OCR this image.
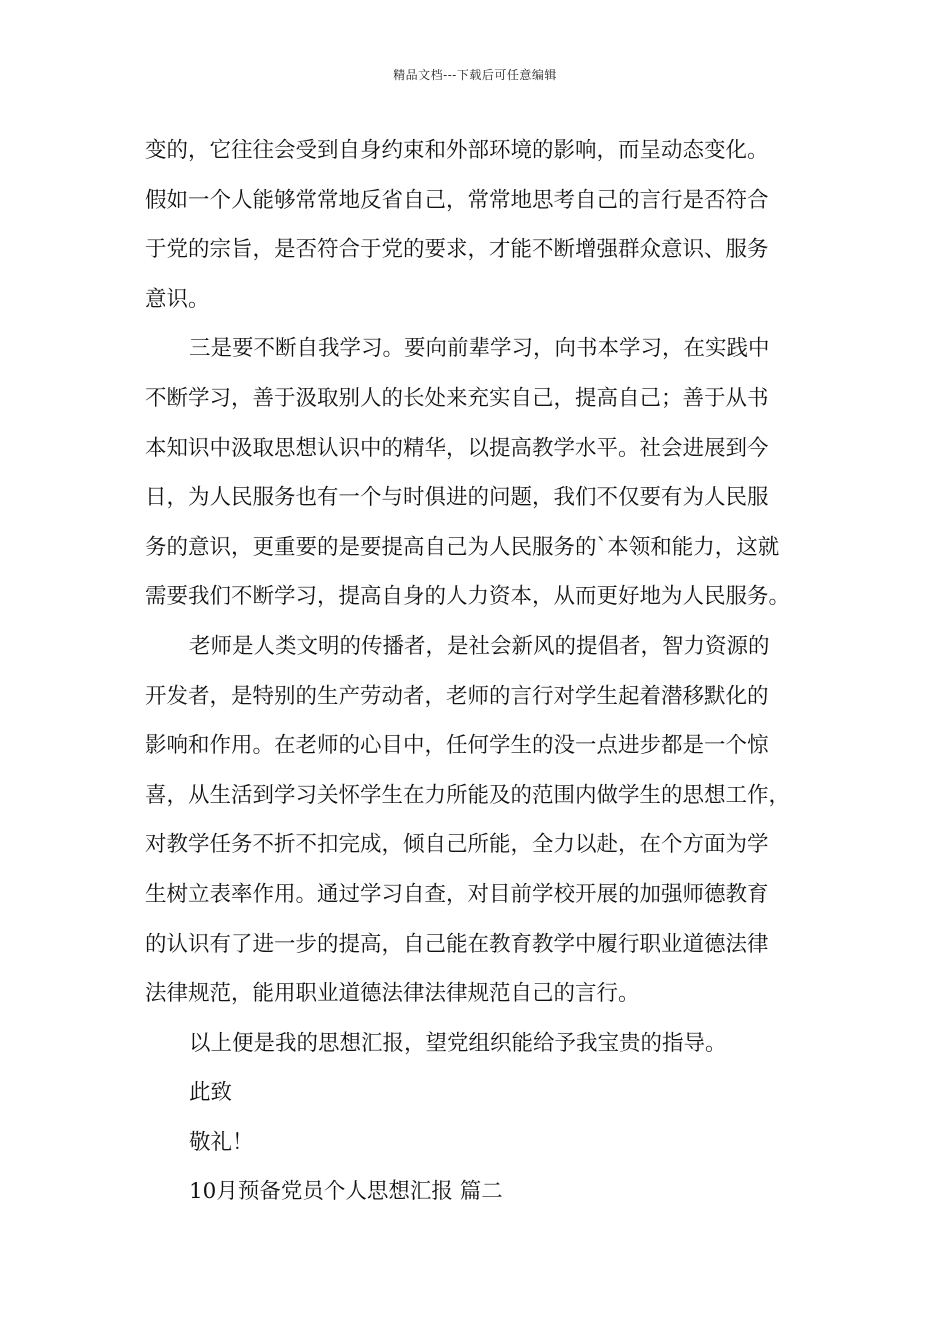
精品文档---下载后可任意编辑
变的，它往往会受到自身约束和外部环境的影响，而呈动态变化。
假如一个人能够常常地反省自己，常常地思考自己的言行是否符合
于党的宗旨，是否符合于党的要求，才能不断增强群众意识、服务
意识。
三是要不断自我学习。要向前辈学习，向书本学习，在实践中
不断学习，善于汲取别人的长处来充实自己，提高自己；善于从书
本知识中汲取思想认识中的精华，以提高教学水平。社会进展到今
日，为人民服务也有一个与时俱进的问题，我们不仅要有为人民服
务的意识，更重要的是要提高自己为人民服务的`本领和能力，这就
需要我们不断学习，提高自身的人力资本，从而更好地为人民服务。
老师是人类文明的传播者，是社会新风的提倡者，智力资源的
开发者，是特别的生产劳动者，老师的言行对学生起着潜移默化的
影响和作用。在老师的心目中，任何学生的没一点进步都是一个惊
喜，从生活到学习关怀学生在力所能及的范围内做学生的思想工作，
对教学任务不折不扣完成，倾自己所能，全力以赴，在个方面为学
生树立表率作用。通过学习自查，对目前学校开展的加强师德教育
的认识有了进一步的提高，自己能在教育教学中履行职业道德法律
法律规范，能用职业道德法律法律规范自己的言行。
以上便是我的思想汇报，望党组织能给予我宝贵的指导。
此致
敬礼！
10月预备党员个人思想汇报 篇二
